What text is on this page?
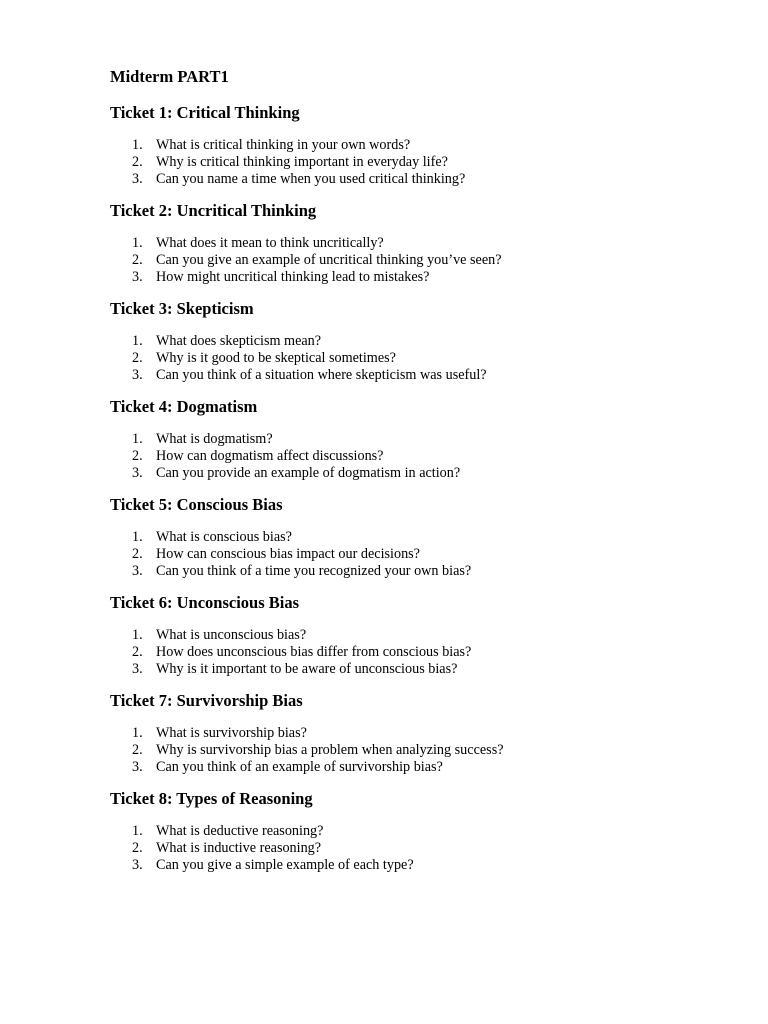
Midterm PART1
Ticket 1: Critical Thinking
1. What is critical thinking in your own words?
2. Why is critical thinking important in everyday life?
3. Can you name a time when you used critical thinking?
Ticket 2: Uncritical Thinking
1. What does it mean to think uncritically?
2. Can you give an example of uncritical thinking you’ve seen?
3. How might uncritical thinking lead to mistakes?
Ticket 3: Skepticism
1. What does skepticism mean?
2. Why is it good to be skeptical sometimes?
3. Can you think of a situation where skepticism was useful?
Ticket 4: Dogmatism
1. What is dogmatism?
2. How can dogmatism affect discussions?
3. Can you provide an example of dogmatism in action?
Ticket 5: Conscious Bias
1. What is conscious bias?
2. How can conscious bias impact our decisions?
3. Can you think of a time you recognized your own bias?
Ticket 6: Unconscious Bias
1. What is unconscious bias?
2. How does unconscious bias differ from conscious bias?
3. Why is it important to be aware of unconscious bias?
Ticket 7: Survivorship Bias
1. What is survivorship bias?
2. Why is survivorship bias a problem when analyzing success?
3. Can you think of an example of survivorship bias?
Ticket 8: Types of Reasoning
1. What is deductive reasoning?
2. What is inductive reasoning?
3. Can you give a simple example of each type?
